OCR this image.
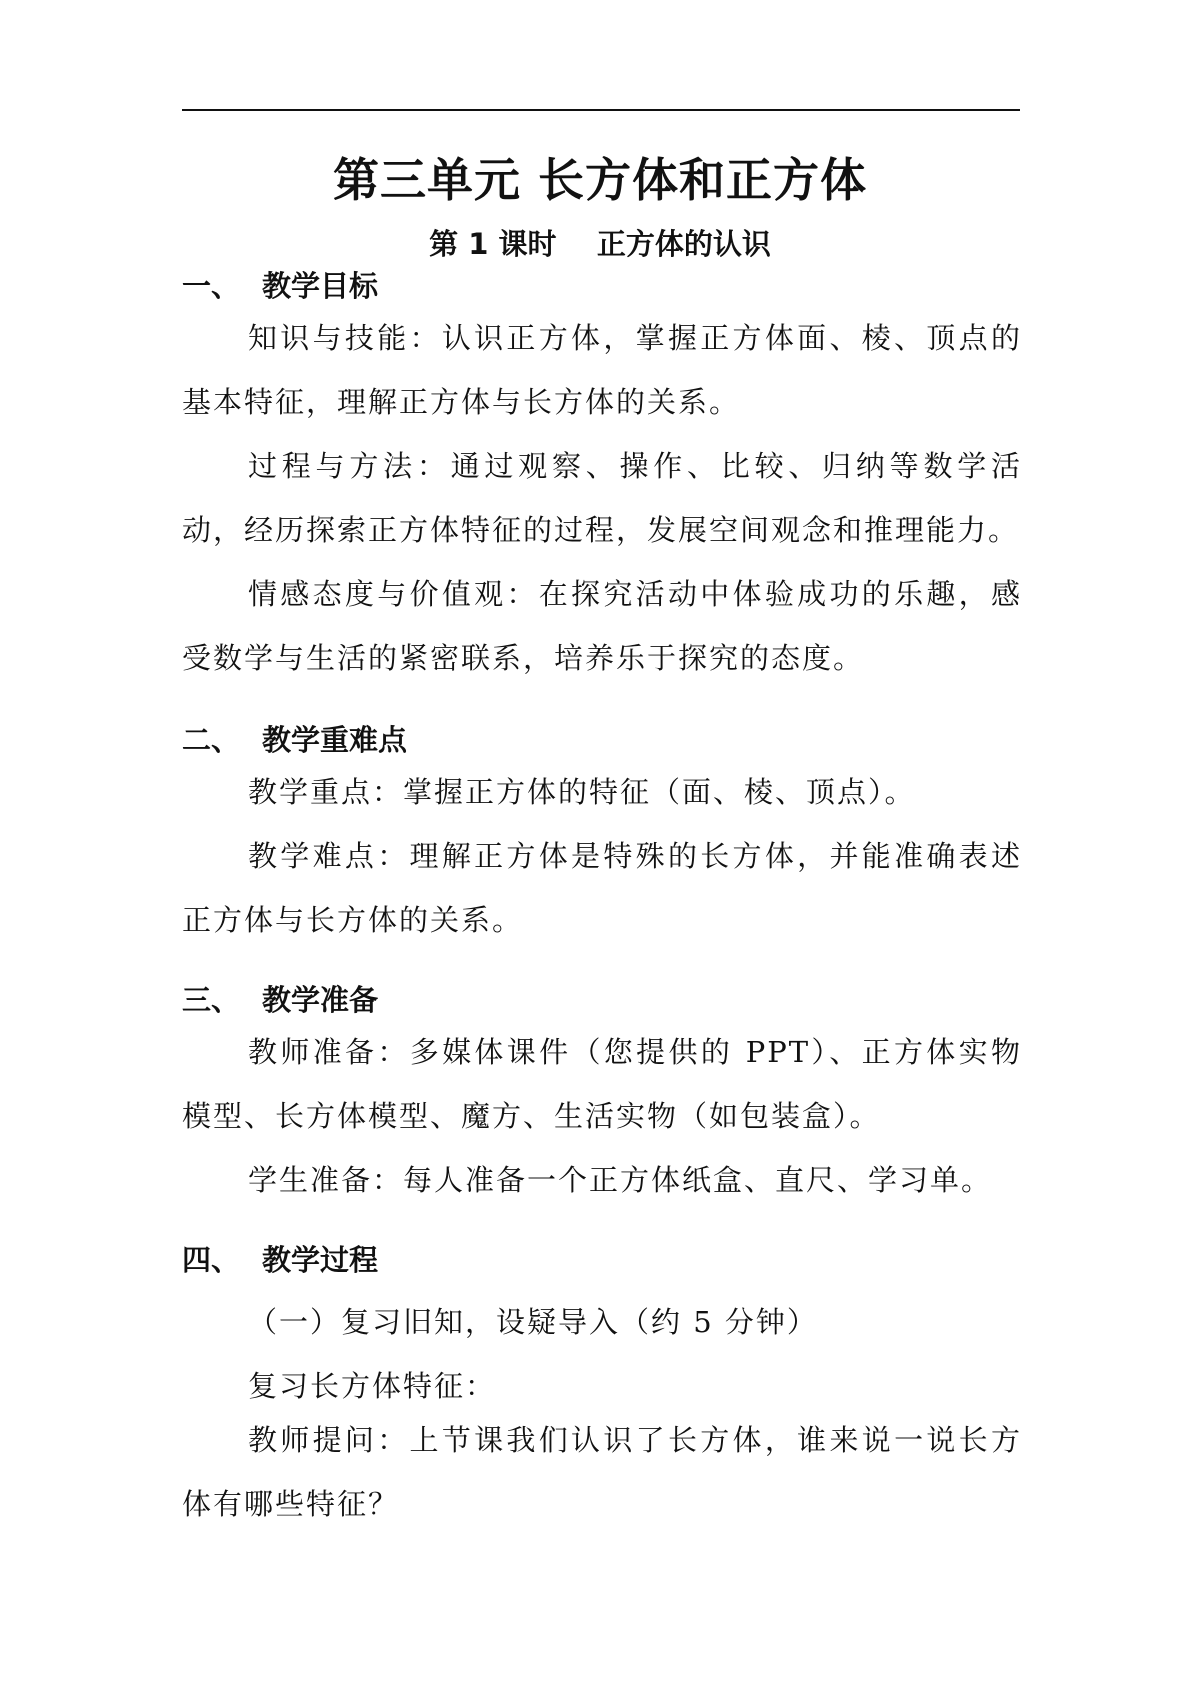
第三单元 长方体和正方体
第 1 课时    正方体的认识
一、 教学目标
知识与技能：认识正方体，掌握正方体面、棱、顶点的基本特征，理解正方体与长方体的关系。
过程与方法：通过观察、操作、比较、归纳等数学活动，经历探索正方体特征的过程，发展空间观念和推理能力。
情感态度与价值观：在探究活动中体验成功的乐趣，感受数学与生活的紧密联系，培养乐于探究的态度。
二、 教学重难点
教学重点：掌握正方体的特征（面、棱、顶点）。
教学难点：理解正方体是特殊的长方体，并能准确表述正方体与长方体的关系。
三、 教学准备
教师准备：多媒体课件（您提供的 PPT）、正方体实物模型、长方体模型、魔方、生活实物（如包装盒）。
学生准备：每人准备一个正方体纸盒、直尺、学习单。
四、 教学过程
（一）复习旧知，设疑导入（约 5 分钟）
复习长方体特征：
教师提问：上节课我们认识了长方体，谁来说一说长方体有哪些特征？
